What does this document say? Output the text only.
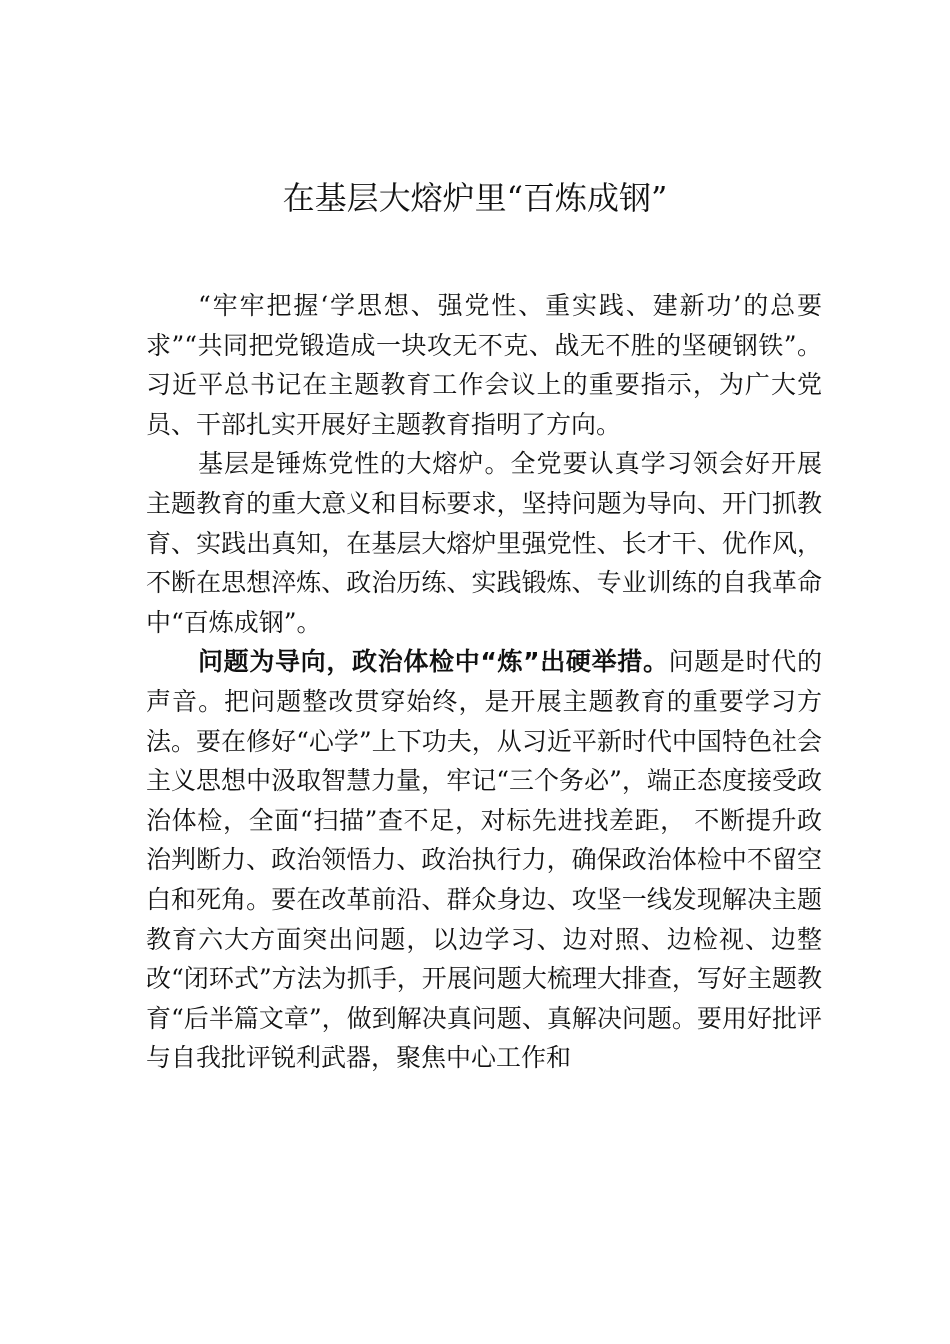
在基层大熔炉里“百炼成钢”

“牢牢把握‘学思想、强党性、重实践、建新功’的总要求”“共同把党锻造成一块攻无不克、战无不胜的坚硬钢铁”。习近平总书记在主题教育工作会议上的重要指示，为广大党员、干部扎实开展好主题教育指明了方向。

基层是锤炼党性的大熔炉。全党要认真学习领会好开展主题教育的重大意义和目标要求，坚持问题为导向、开门抓教育、实践出真知，在基层大熔炉里强党性、长才干、优作风，不断在思想淬炼、政治历练、实践锻炼、专业训练的自我革命中“百炼成钢”。

问题为导向，政治体检中“炼”出硬举措。问题是时代的声音。把问题整改贯穿始终，是开展主题教育的重要学习方法。要在修好“心学”上下功夫，从习近平新时代中国特色社会主义思想中汲取智慧力量，牢记“三个务必”，端正态度接受政治体检，全面“扫描”查不足，对标先进找差距， 不断提升政治判断力、政治领悟力、政治执行力，确保政治体检中不留空白和死角。要在改革前沿、群众身边、攻坚一线发现解决主题教育六大方面突出问题，以边学习、边对照、边检视、边整改“闭环式”方法为抓手，开展问题大梳理大排查，写好主题教育“后半篇文章”，做到解决真问题、真解决问题。要用好批评与自我批评锐利武器，聚焦中心工作和
